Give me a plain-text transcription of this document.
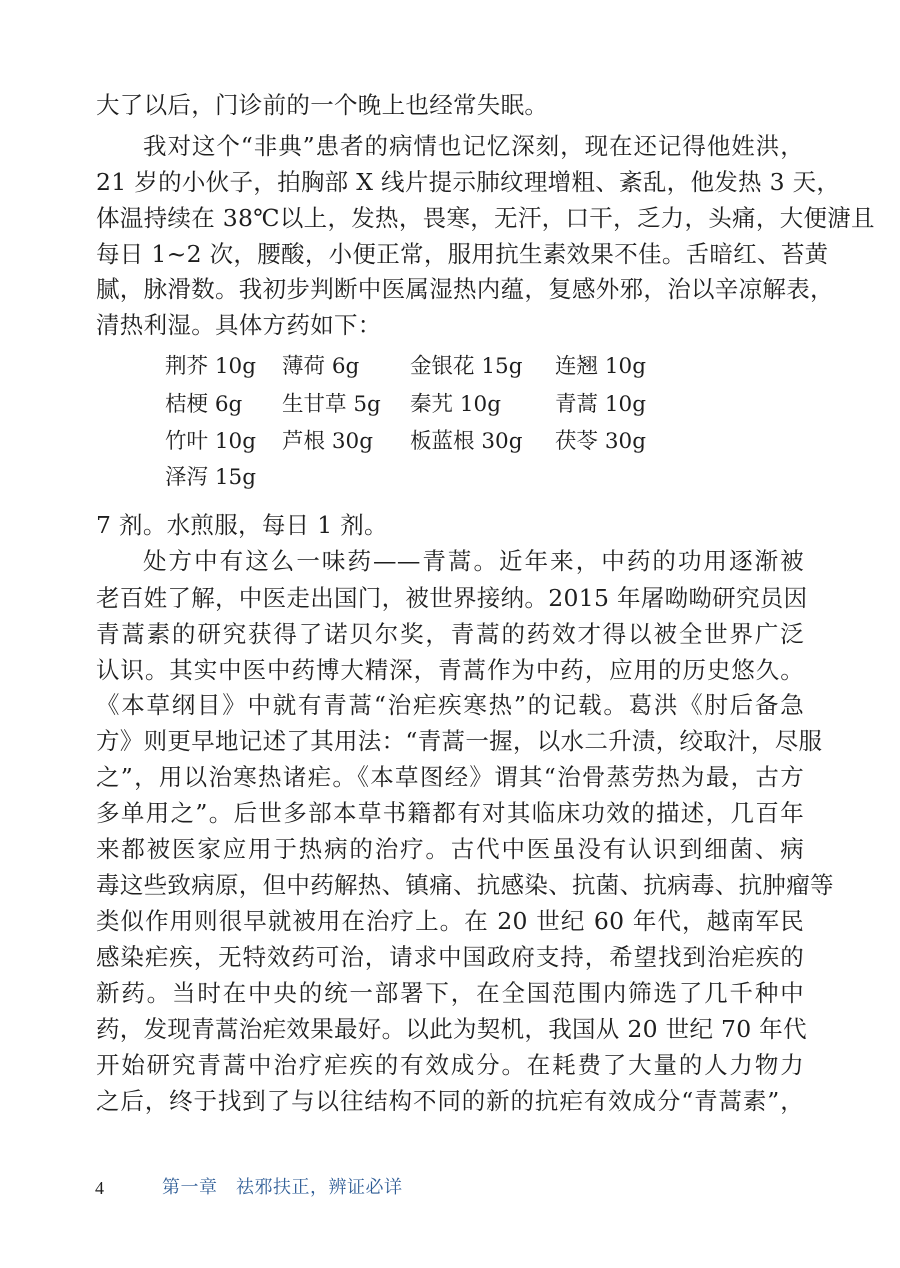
大了以后，门诊前的一个晚上也经常失眠。
我对这个“非典”患者的病情也记忆深刻，现在还记得他姓洪，
21 岁的小伙子，拍胸部 X 线片提示肺纹理增粗、紊乱，他发热 3 天，
体温持续在 38℃以上，发热，畏寒，无汗，口干，乏力，头痛，大便溏且
每日 1~2 次，腰酸，小便正常，服用抗生素效果不佳。舌暗红、苔黄
腻，脉滑数。我初步判断中医属湿热内蕴，复感外邪，治以辛凉解表，
清热利湿。具体方药如下：
荆芥 10g 薄荷 6g 金银花 15g 连翘 10g
桔梗 6g 生甘草 5g 秦艽 10g	青蒿 10g
竹叶 10g 芦根 30g 板蓝根 30g 茯苓 30g
泽泻 15g
7 剂。水煎服，每日 1 剂。
处方中有这么一味药——青蒿。近年来，中药的功用逐渐被
老百姓了解，中医走出国门，被世界接纳。2015 年屠呦呦研究员因
青蒿素的研究获得了诺贝尔奖，青蒿的药效才得以被全世界广泛
认识。其实中医中药博大精深，青蒿作为中药，应用的历史悠久。
《本草纲目》中就有青蒿“治疟疾寒热”的记载。葛洪《肘后备急
方》则更早地记述了其用法：“青蒿一握，以水二升渍，绞取汁，尽服
之”，用以治寒热诸疟。《本草图经》谓其“治骨蒸劳热为最，古方
多单用之”。后世多部本草书籍都有对其临床功效的描述，几百年
来都被医家应用于热病的治疗。古代中医虽没有认识到细菌、病
毒这些致病原，但中药解热、镇痛、抗感染、抗菌、抗病毒、抗肿瘤等
类似作用则很早就被用在治疗上。在 20 世纪 60 年代，越南军民
感染疟疾，无特效药可治，请求中国政府支持，希望找到治疟疾的
新药。当时在中央的统一部署下，在全国范围内筛选了几千种中
药，发现青蒿治疟效果最好。以此为契机，我国从 20 世纪 70 年代
开始研究青蒿中治疗疟疾的有效成分。在耗费了大量的人力物力
之后，终于找到了与以往结构不同的新的抗疟有效成分“青蒿素”，
4	第一章　祛邪扶正，辨证必详
